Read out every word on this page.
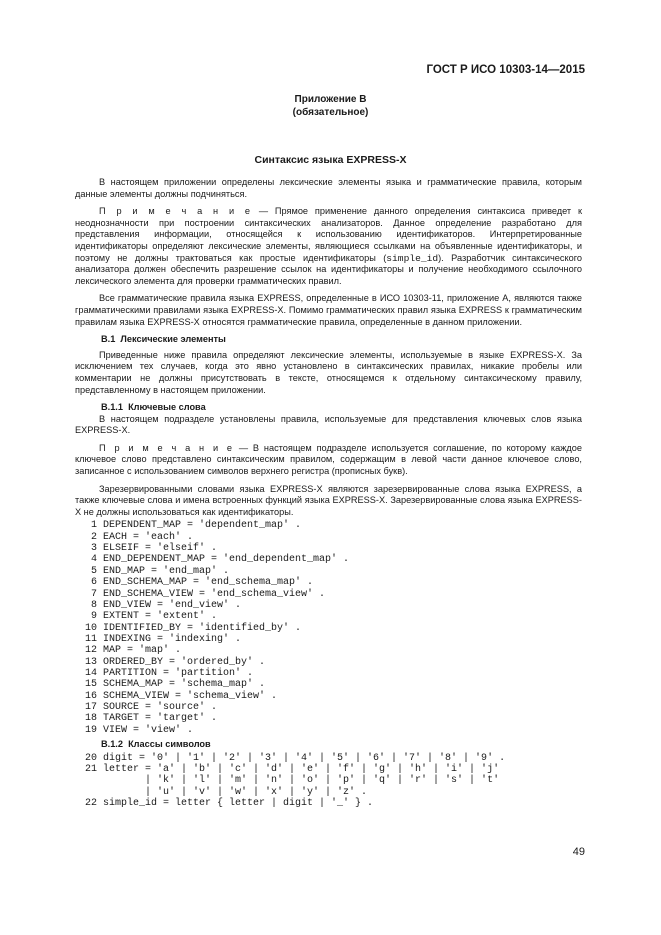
ГОСТ Р ИСО 10303-14—2015
Приложение В
(обязательное)
Синтаксис языка EXPRESS-X

В настоящем приложении определены лексические элементы языка и грамматические правила, которым данные элементы должны подчиняться.

П р и м е ч а н и е — Прямое применение данного определения синтаксиса приведет к неоднозначности при построении синтаксических анализаторов. Данное определение разработано для представления информации, относящейся к использованию идентификаторов. Интерпретированные идентификаторы определяют лексические элементы, являющиеся ссылками на объявленные идентификаторы, и поэтому не должны трактоваться как простые идентификаторы (simple_id). Разработчик синтаксического анализатора должен обеспечить разрешение ссылок на идентификаторы и получение необходимого ссылочного лексического элемента для проверки грамматических правил.

Все грамматические правила языка EXPRESS, определенные в ИСО 10303-11, приложение А, являются также грамматическими правилами языка EXPRESS-X. Помимо грамматических правил языка EXPRESS к грамматическим правилам языка EXPRESS-X относятся грамматические правила, определенные в данном приложении.

B.1 Лексические элементы

Приведенные ниже правила определяют лексические элементы, используемые в языке EXPRESS-X. За исключением тех случаев, когда это явно установлено в синтаксических правилах, никакие пробелы или комментарии не должны присутствовать в тексте, относящемся к отдельному синтаксическому правилу, представленному в настоящем приложении.

B.1.1 Ключевые слова

В настоящем подразделе установлены правила, используемые для представления ключевых слов языка EXPRESS-X.

П р и м е ч а н и е — В настоящем подразделе используется соглашение, по которому каждое ключевое слово представлено синтаксическим правилом, содержащим в левой части данное ключевое слово, записанное с использованием символов верхнего регистра (прописных букв).

Зарезервированными словами языка EXPRESS-X являются зарезервированные слова языка EXPRESS, а также ключевые слова и имена встроенных функций языка EXPRESS-X. Зарезервированные слова языка EXPRESS-X не должны использоваться как идентификаторы.

1 DEPENDENT_MAP = 'dependent_map' .
2 EACH = 'each' .
3 ELSEIF = 'elseif' .
4 END_DEPENDENT_MAP = 'end_dependent_map' .
5 END_MAP = 'end_map' .
6 END_SCHEMA_MAP = 'end_schema_map' .
7 END_SCHEMA_VIEW = 'end_schema_view' .
8 END_VIEW = 'end_view' .
9 EXTENT = 'extent' .
10 IDENTIFIED_BY = 'identified_by' .
11 INDEXING = 'indexing' .
12 MAP = 'map' .
13 ORDERED_BY = 'ordered_by' .
14 PARTITION = 'partition' .
15 SCHEMA_MAP = 'schema_map' .
16 SCHEMA_VIEW = 'schema_view' .
17 SOURCE = 'source' .
18 TARGET = 'target' .
19 VIEW = 'view' .
B.1.2 Классы символов
20 digit = '0' | '1' | '2' | '3' | '4' | '5' | '6' | '7' | '8' | '9' .
21 letter = 'a' | 'b' | 'c' | 'd' | 'e' | 'f' | 'g' | 'h' | 'i' | 'j'
| 'k' | 'l' | 'm' | 'n' | 'o' | 'p' | 'q' | 'r' | 's' | 't'
| 'u' | 'v' | 'w' | 'x' | 'y' | 'z' .
22 simple_id = letter { letter | digit | '_' } .
49
